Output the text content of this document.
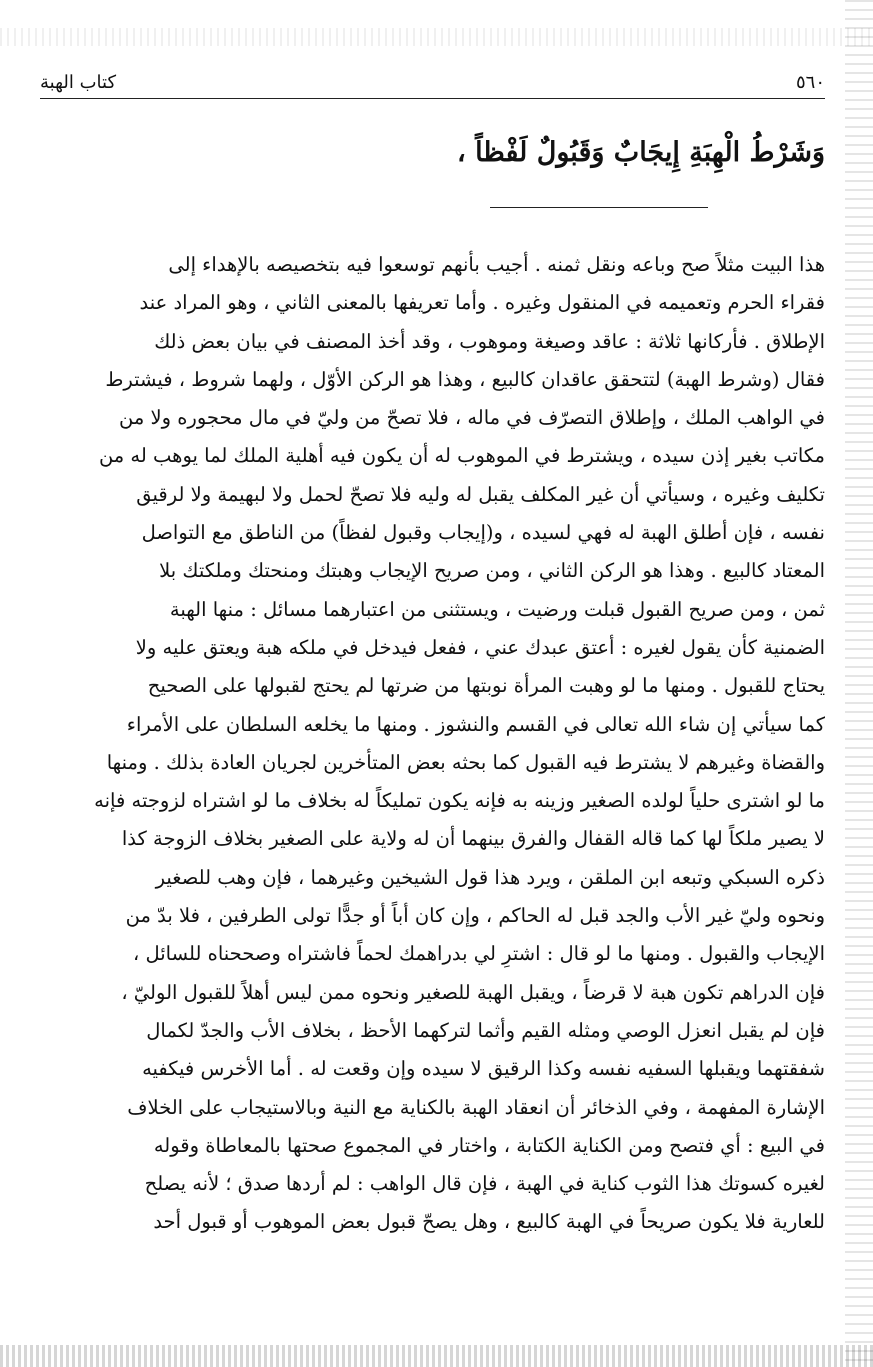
٥٦٠
كتاب الهبة
وَشَرْطُ الْهِبَةِ إِيجَابٌ وَقَبُولٌ لَفْظاً ،
هذا البيت مثلاً صح وباعه ونقل ثمنه . أجيب بأنهم توسعوا فيه بتخصيصه بالإهداء إلى
فقراء الحرم وتعميمه في المنقول وغيره . وأما تعريفها بالمعنى الثاني ، وهو المراد عند
الإطلاق . فأركانها ثلاثة : عاقد وصيغة وموهوب ، وقد أخذ المصنف في بيان بعض ذلك
فقال (وشرط الهبة) لتتحقق عاقدان كالبيع ، وهذا هو الركن الأوّل ، ولهما شروط ، فيشترط
في الواهب الملك ، وإطلاق التصرّف في ماله ، فلا تصحّ من وليّ في مال محجوره ولا من
مكاتب بغير إذن سيده ، ويشترط في الموهوب له أن يكون فيه أهلية الملك لما يوهب له من
تكليف وغيره ، وسيأتي أن غير المكلف يقبل له وليه فلا تصحّ لحمل ولا لبهيمة ولا لرقيق
نفسه ، فإن أطلق الهبة له فهي لسيده ، و(إيجاب وقبول لفظاً) من الناطق مع التواصل
المعتاد كالبيع . وهذا هو الركن الثاني ، ومن صريح الإيجاب وهبتك ومنحتك وملكتك بلا
ثمن ، ومن صريح القبول قبلت ورضيت ، ويستثنى من اعتبارهما مسائل : منها الهبة
الضمنية كأن يقول لغيره : أعتق عبدك عني ، ففعل فيدخل في ملكه هبة ويعتق عليه ولا
يحتاج للقبول . ومنها ما لو وهبت المرأة نوبتها من ضرتها لم يحتج لقبولها على الصحيح
كما سيأتي إن شاء الله تعالى في القسم والنشوز . ومنها ما يخلعه السلطان على الأمراء
والقضاة وغيرهم لا يشترط فيه القبول كما بحثه بعض المتأخرين لجريان العادة بذلك . ومنها
ما لو اشترى حلياً لولده الصغير وزينه به فإنه يكون تمليكاً له بخلاف ما لو اشتراه لزوجته فإنه
لا يصير ملكاً لها كما قاله القفال والفرق بينهما أن له ولاية على الصغير بخلاف الزوجة كذا
ذكره السبكي وتبعه ابن الملقن ، ويرد هذا قول الشيخين وغيرهما ، فإن وهب للصغير
ونحوه وليّ غير الأب والجد قبل له الحاكم ، وإن كان أباً أو جدًّا تولى الطرفين ، فلا بدّ من
الإيجاب والقبول . ومنها ما لو قال : اشترِ لي بدراهمك لحماً فاشتراه وصححناه للسائل ،
فإن الدراهم تكون هبة لا قرضاً ، ويقبل الهبة للصغير ونحوه ممن ليس أهلاً للقبول الوليّ ،
فإن لم يقبل انعزل الوصي ومثله القيم وأثما لتركهما الأحظ ، بخلاف الأب والجدّ لكمال
شفقتهما ويقبلها السفيه نفسه وكذا الرقيق لا سيده وإن وقعت له . أما الأخرس فيكفيه
الإشارة المفهمة ، وفي الذخائر أن انعقاد الهبة بالكناية مع النية وبالاستيجاب على الخلاف
في البيع : أي فتصح ومن الكناية الكتابة ، واختار في المجموع صحتها بالمعاطاة وقوله
لغيره كسوتك هذا الثوب كناية في الهبة ، فإن قال الواهب : لم أردها صدق ؛ لأنه يصلح
للعارية فلا يكون صريحاً في الهبة كالبيع ، وهل يصحّ قبول بعض الموهوب أو قبول أحد
